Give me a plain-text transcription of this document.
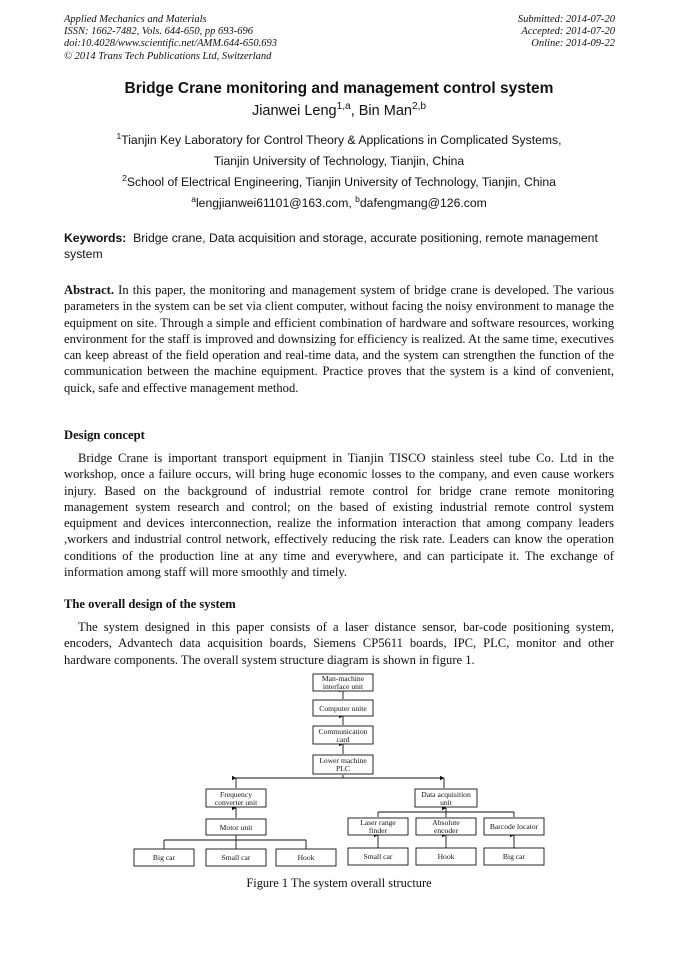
Applied Mechanics and Materials
ISSN: 1662-7482, Vols. 644-650, pp 693-696
doi:10.4028/www.scientific.net/AMM.644-650.693
© 2014 Trans Tech Publications Ltd, Switzerland
Submitted: 2014-07-20
Accepted: 2014-07-20
Online: 2014-09-22
Bridge Crane monitoring and management control system
Jianwei Leng$^{1,a}$, Bin Man$^{2,b}$
$^1$Tianjin Key Laboratory for Control Theory & Applications in Complicated Systems,
Tianjin University of Technology, Tianjin, China
$^2$School of Electrical Engineering, Tianjin University of Technology, Tianjin, China
$^a$lengjianwei61101@163.com, $^b$dafengmang@126.com
Keywords: Bridge crane, Data acquisition and storage, accurate positioning, remote management system

Abstract. In this paper, the monitoring and management system of bridge crane is developed. The various parameters in the system can be set via client computer, without facing the noisy environment to manage the equipment on site. Through a simple and efficient combination of hardware and software resources, working environment for the staff is improved and downsizing for efficiency is realized. At the same time, executives can keep abreast of the field operation and real-time data, and the system can strengthen the function of the communication between the machine equipment. Practice proves that the system is a kind of convenient, quick, safe and effective management method.

Design concept

Bridge Crane is important transport equipment in Tianjin TISCO stainless steel tube Co. Ltd in the workshop, once a failure occurs, will bring huge economic losses to the company, and even cause workers injury. Based on the background of industrial remote control for bridge crane remote monitoring management system research and control; on the based of existing industrial remote control system equipment and devices interconnection, realize the information interaction that among company leaders ,workers and industrial control network, effectively reducing the risk rate. Leaders can know the operation conditions of the production line at any time and everywhere, and can participate it. The exchange of information among staff will more smoothly and timely.

The overall design of the system

The system designed in this paper consists of a laser distance sensor, bar-code positioning system, encoders, Advantech data acquisition boards, Siemens CP5611 boards, IPC, PLC, monitor and other hardware components. The overall system structure diagram is shown in figure 1.

Man-machine
interface unit
Computer unite
Communication
card
Lower machine
PLC
Frequency
converter unit
Data acquisition
unit
Motor unit
Laser range
finder
Absolute
encoder	Barcode locator
Big car	Small car	Hook	Small car	Hook	Big car
Figure 1 The system overall structure
